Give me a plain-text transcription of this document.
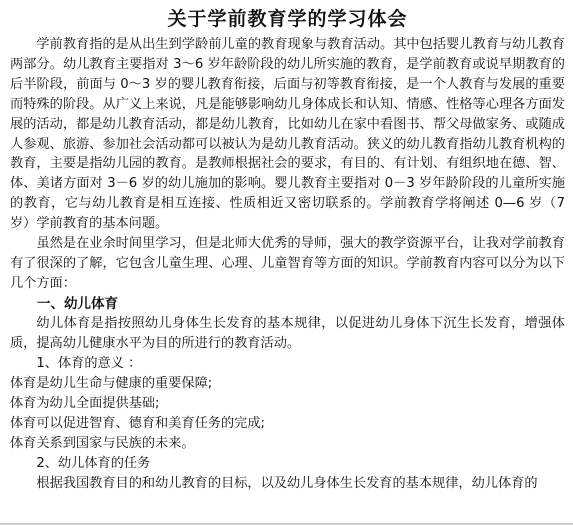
关于学前教育学的学习体会

学前教育指的是从出生到学龄前儿童的教育现象与教育活动。其中包括婴儿教育与幼儿教育两部分。幼儿教育主要指对 3～6 岁年龄阶段的幼儿所实施的教育，是学前教育或说早期教育的后半阶段，前面与 0～3 岁的婴儿教育衔接，后面与初等教育衔接，是一个人教育与发展的重要而特殊的阶段。从广义上来说，凡是能够影响幼儿身体成长和认知、情感、性格等心理各方面发展的活动，都是幼儿教育活动，都是幼儿教育，比如幼儿在家中看图书、帮父母做家务、或随成人参观、旅游、参加社会活动都可以被认为是幼儿教育活动。狭义的幼儿教育指幼儿教育机构的教育，主要是指幼儿园的教育。是教师根据社会的要求，有目的、有计划、有组织地在德、智、体、美诸方面对 3－6 岁的幼儿施加的影响。婴儿教育主要指对 0－3 岁年龄阶段的儿童所实施的教育，它与幼儿教育是相互连接、性质相近又密切联系的。学前教育学将阐述 0—6 岁（7 岁）学前教育的基本问题。

虽然是在业余时间里学习，但是北师大优秀的导师，强大的教学资源平台，让我对学前教育有了很深的了解，它包含儿童生理、心理、儿童智育等方面的知识。学前教育内容可以分为以下几个方面：

一、幼儿体育

幼儿体育是指按照幼儿身体生长发育的基本规律，以促进幼儿身体下沉生长发育，增强体质，提高幼儿健康水平为目的所进行的教育活动。

1、体育的意义 ：

体育是幼儿生命与健康的重要保障;

体育为幼儿全面提供基础;

体育可以促进智育、德育和美育任务的完成;

体育关系到国家与民族的未来。

2、幼儿体育的任务

根据我国教育目的和幼儿教育的目标，以及幼儿身体生长发育的基本规律，幼儿体育的
